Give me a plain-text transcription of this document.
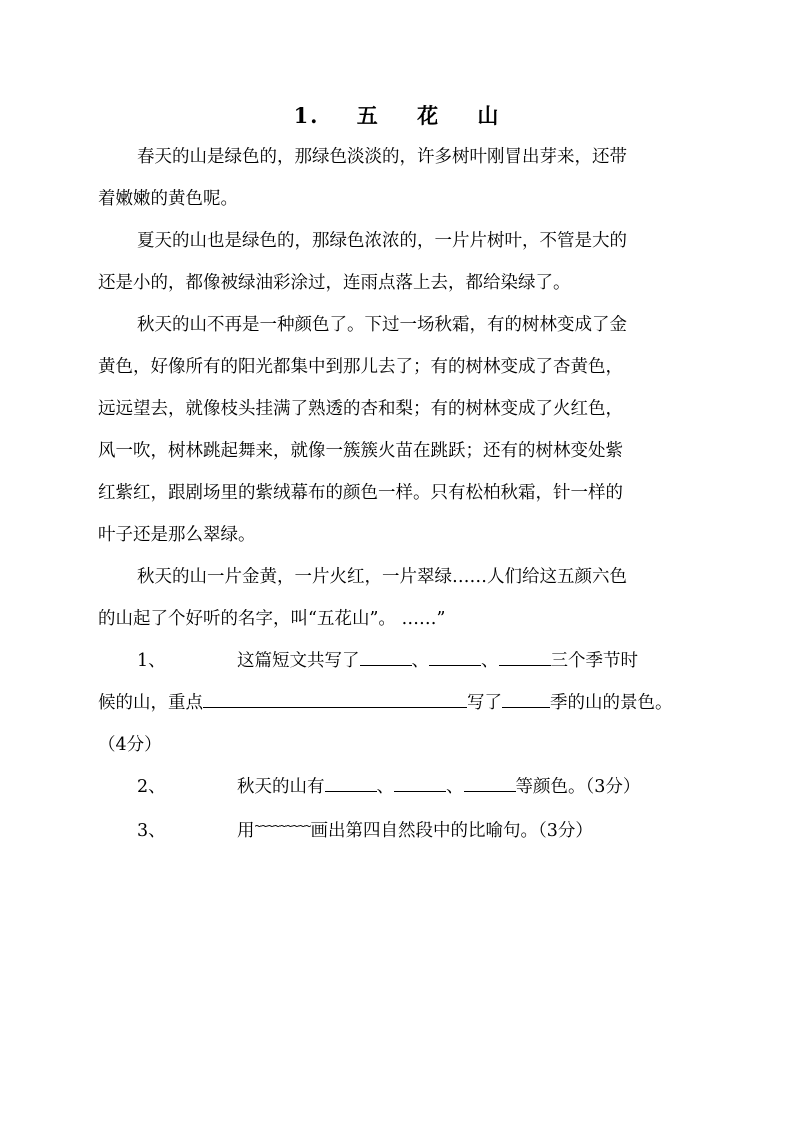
1. 五 花 山
春天的山是绿色的，那绿色淡淡的，许多树叶刚冒出芽来，还带
着嫩嫩的黄色呢。
夏天的山也是绿色的，那绿色浓浓的，一片片树叶，不管是大的
还是小的，都像被绿油彩涂过，连雨点落上去，都给染绿了。
秋天的山不再是一种颜色了。下过一场秋霜，有的树林变成了金
黄色，好像所有的阳光都集中到那儿去了；有的树林变成了杏黄色，
远远望去，就像枝头挂满了熟透的杏和梨；有的树林变成了火红色，
风一吹，树林跳起舞来，就像一簇簇火苗在跳跃；还有的树林变处紫
红紫红，跟剧场里的紫绒幕布的颜色一样。只有松柏秋霜，针一样的
叶子还是那么翠绿。
秋天的山一片金黄，一片火红，一片翠绿……人们给这五颜六色
的山起了个好听的名字，叫“五花山”。 ……”
1、	这篇短文共写了	、	、	三个季节时
候的山，重点	写了	季的山的景色。
（4分）
2、	秋天的山有	、	、	等颜色。（3分）
3、	用~~~~~~~~~画出第四自然段中的比喻句。（3分）
